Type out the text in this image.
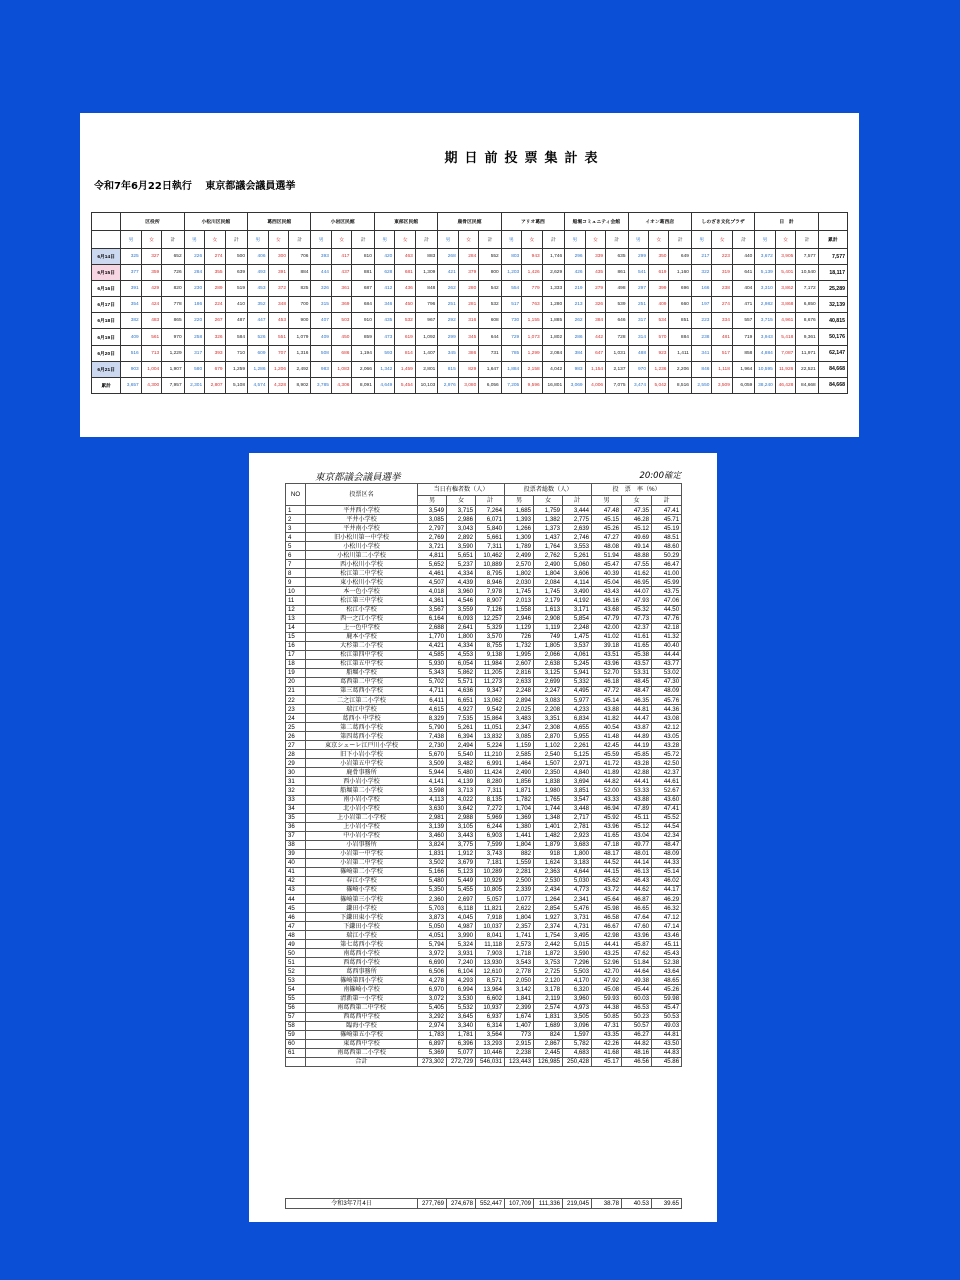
期日前投票集計表
令和7年6月22日執行　 東京都議会議員選挙
	区役所			小松川区民館			葛西区民館			小岩区民館			東部区民館			鹿骨区民館			アリオ葛西			船堀コミュニティ会館			イオン葛西店			しのざき文化プラザ			日　計			
	男	女	計	男	女	計	男	女	計	男	女	計	男	女	計	男	女	計	男	女	計	男	女	計	男	女	計	男	女	計	男	女	計	累計
6月14日	325	327	652	226	274	500	406	300	706	393	417	810	420	463	883	268	284	552	803	943	1,746	296	339	635	299	350	649	217	223	440	3,672	3,905	7,577	7,577
6月15日	377	359	726	284	355	639	493	391	884	444	437	881	628	681	1,309	421	379	800	1,203	1,426	2,629	426	435	861	541	619	1,160	322	319	641	5,139	5,401	10,540	18,117
6月16日	391	429	820	230	289	519	453	372	825	326	361	687	412	436	848	262	280	542	554	779	1,333	219	279	498	297	399	696	166	238	404	3,310	3,862	7,172	25,289
6月17日	354	424	778	186	224	410	352	348	700	315	369	684	346	450	796	251	281	532	517	763	1,280	213	326	539	251	409	660	197	274	471	2,982	3,868	6,850	32,139
6月18日	382	483	865	220	267	487	447	453	900	407	503	910	435	532	967	292	316	608	730	1,155	1,885	262	384	646	317	534	851	223	334	557	3,715	4,961	8,676	40,815
6月19日	409	561	970	258	326	584	526	551	1,079	409	450	859	473	619	1,092	299	345	644	729	1,073	1,802	286	442	728	314	570	884	238	481	719	3,943	5,418	9,361	50,176
6月20日	516	713	1,229	317	393	710	609	707	1,316	508	686	1,194	593	814	1,407	345	386	731	785	1,299	2,084	384	647	1,031	488	923	1,411	341	517	858	4,884	7,087	11,971	62,147
6月21日	903	1,004	1,907	580	679	1,259	1,286	1,206	2,492	983	1,083	2,066	1,342	1,459	2,801	815	829	1,647	1,884	2,158	4,042	983	1,154	2,137	970	1,236	2,206	846	1,118	1,964	10,595	11,926	22,521	84,668
累計	3,657	4,300	7,957	2,301	2,807	5,108	4,574	4,328	8,902	3,785	4,306	8,091	4,649	5,454	10,103	2,976	3,080	6,056	7,205	9,596	16,801	3,069	4,006	7,075	3,474	5,042	8,516	2,550	3,509	6,059	38,240	46,428	84,668	84,668
東京都議会議員選挙	20:00確定
NO	投票区名	当日有権者数（人）			投票者総数（人）			投　票　率（%）		
		男	女	計	男	女	計	男	女	計
1	平井西小学校	3,549	3,715	7,264	1,685	1,759	3,444	47.48	47.35	47.41
2	平井小学校	3,085	2,986	6,071	1,393	1,382	2,775	45.15	46.28	45.71
3	平井南小学校	2,797	3,043	5,840	1,266	1,373	2,639	45.26	45.12	45.19
4	旧小松川第一中学校	2,769	2,892	5,661	1,309	1,437	2,746	47.27	49.69	48.51
5	小松川小学校	3,721	3,590	7,311	1,789	1,764	3,553	48.08	49.14	48.60
6	小松川第二小学校	4,811	5,651	10,462	2,499	2,762	5,261	51.94	48.88	50.29
7	西小松川小学校	5,652	5,237	10,889	2,570	2,490	5,060	45.47	47.55	46.47
8	松江第二中学校	4,461	4,334	8,795	1,802	1,804	3,606	40.39	41.62	41.00
9	東小松川小学校	4,507	4,439	8,946	2,030	2,084	4,114	45.04	46.95	45.99
10	本一色小学校	4,018	3,960	7,978	1,745	1,745	3,490	43.43	44.07	43.75
11	松江第三中学校	4,361	4,546	8,907	2,013	2,179	4,192	46.16	47.93	47.06
12	松江小学校	3,567	3,559	7,126	1,558	1,613	3,171	43.68	45.32	44.50
13	西一之江小学校	6,164	6,093	12,257	2,946	2,908	5,854	47.79	47.73	47.76
14	上一色中学校	2,688	2,641	5,329	1,129	1,119	2,248	42.00	42.37	42.18
15	鹿本小学校	1,770	1,800	3,570	726	749	1,475	41.02	41.61	41.32
16	大杉第二小学校	4,421	4,334	8,755	1,732	1,805	3,537	39.18	41.65	40.40
17	松江第四中学校	4,585	4,553	9,138	1,995	2,066	4,061	43.51	45.38	44.44
18	松江第五中学校	5,930	6,054	11,984	2,607	2,638	5,245	43.96	43.57	43.77
19	船堀小学校	5,343	5,862	11,205	2,816	3,125	5,941	52.70	53.31	53.02
20	葛西第二中学校	5,702	5,571	11,273	2,633	2,699	5,332	46.18	48.45	47.30
21	第三葛西小学校	4,711	4,636	9,347	2,248	2,247	4,495	47.72	48.47	48.09
22	二之江第二小学校	6,411	6,651	13,062	2,894	3,083	5,977	45.14	46.35	45.76
23	瑞江中学校	4,615	4,927	9,542	2,025	2,208	4,233	43.88	44.81	44.36
24	葛西小 中学校	8,329	7,535	15,864	3,483	3,351	6,834	41.82	44.47	43.08
25	第二葛西小学校	5,790	5,261	11,051	2,347	2,308	4,655	40.54	43.87	42.12
26	第四葛西小学校	7,438	6,394	13,832	3,085	2,870	5,955	41.48	44.89	43.05
27	東京シューレ江戸川小学校	2,730	2,494	5,224	1,159	1,102	2,261	42.45	44.19	43.28
28	旧下小岩小学校	5,670	5,540	11,210	2,585	2,540	5,125	45.59	45.85	45.72
29	小岩第五中学校	3,509	3,482	6,991	1,464	1,507	2,971	41.72	43.28	42.50
30	鹿骨事務所	5,944	5,480	11,424	2,490	2,350	4,840	41.89	42.88	42.37
31	西小岩小学校	4,141	4,139	8,280	1,856	1,838	3,694	44.82	44.41	44.61
32	船堀第二小学校	3,598	3,713	7,311	1,871	1,980	3,851	52.00	53.33	52.67
33	南小岩小学校	4,113	4,022	8,135	1,782	1,765	3,547	43.33	43.88	43.60
34	北小岩小学校	3,630	3,642	7,272	1,704	1,744	3,448	46.94	47.89	47.41
35	上小岩第二小学校	2,981	2,988	5,969	1,369	1,348	2,717	45.92	45.11	45.52
36	上小岩小学校	3,139	3,105	6,244	1,380	1,401	2,781	43.96	45.12	44.54
37	中小岩小学校	3,460	3,443	6,903	1,441	1,482	2,923	41.65	43.04	42.34
38	小岩事務所	3,824	3,775	7,599	1,804	1,879	3,683	47.18	49.77	48.47
39	小岩第一中学校	1,831	1,912	3,743	882	918	1,800	48.17	48.01	48.09
40	小岩第二中学校	3,502	3,679	7,181	1,559	1,624	3,183	44.52	44.14	44.33
41	篠崎第二小学校	5,166	5,123	10,289	2,281	2,363	4,644	44.15	46.13	45.14
42	春江小学校	5,480	5,449	10,929	2,500	2,530	5,030	45.62	46.43	46.02
43	篠崎小学校	5,350	5,455	10,805	2,339	2,434	4,773	43.72	44.62	44.17
44	篠崎第三小学校	2,360	2,697	5,057	1,077	1,264	2,341	45.64	46.87	46.29
45	鎌田小学校	5,703	6,118	11,821	2,622	2,854	5,476	45.98	46.65	46.32
46	下鎌田東小学校	3,873	4,045	7,918	1,804	1,927	3,731	46.58	47.64	47.12
47	下鎌田小学校	5,050	4,987	10,037	2,357	2,374	4,731	46.67	47.60	47.14
48	瑞江小学校	4,051	3,990	8,041	1,741	1,754	3,495	42.98	43.96	43.46
49	第七葛西小学校	5,794	5,324	11,118	2,573	2,442	5,015	44.41	45.87	45.11
50	南葛西小学校	3,972	3,931	7,903	1,718	1,872	3,590	43.25	47.62	45.43
51	西葛西小学校	6,690	7,240	13,930	3,543	3,753	7,296	52.96	51.84	52.38
52	葛西事務所	6,506	6,104	12,610	2,778	2,725	5,503	42.70	44.64	43.64
53	篠崎第四小学校	4,278	4,293	8,571	2,050	2,120	4,170	47.92	49.38	48.65
54	南篠崎小学校	6,970	6,994	13,964	3,142	3,178	6,320	45.08	45.44	45.26
55	清新第一小学校	3,072	3,530	6,602	1,841	2,119	3,960	59.93	60.03	59.98
56	南葛西第二中学校	5,405	5,532	10,937	2,399	2,574	4,973	44.38	46.53	45.47
57	西葛西中学校	3,292	3,645	6,937	1,674	1,831	3,505	50.85	50.23	50.53
58	臨海小学校	2,974	3,340	6,314	1,407	1,689	3,096	47.31	50.57	49.03
59	篠崎第五小学校	1,783	1,781	3,564	773	824	1,597	43.35	46.27	44.81
60	東葛西中学校	6,897	6,396	13,293	2,915	2,867	5,782	42.26	44.82	43.50
61	南葛西第二小学校	5,369	5,077	10,446	2,238	2,445	4,683	41.68	48.16	44.83
	合計	273,302	272,729	546,031	123,443	126,985	250,428	45.17	46.56	45.86
令和3年7月4日	277,769	274,678	552,447	107,709	111,336	219,045	38.78	40.53	39.65
